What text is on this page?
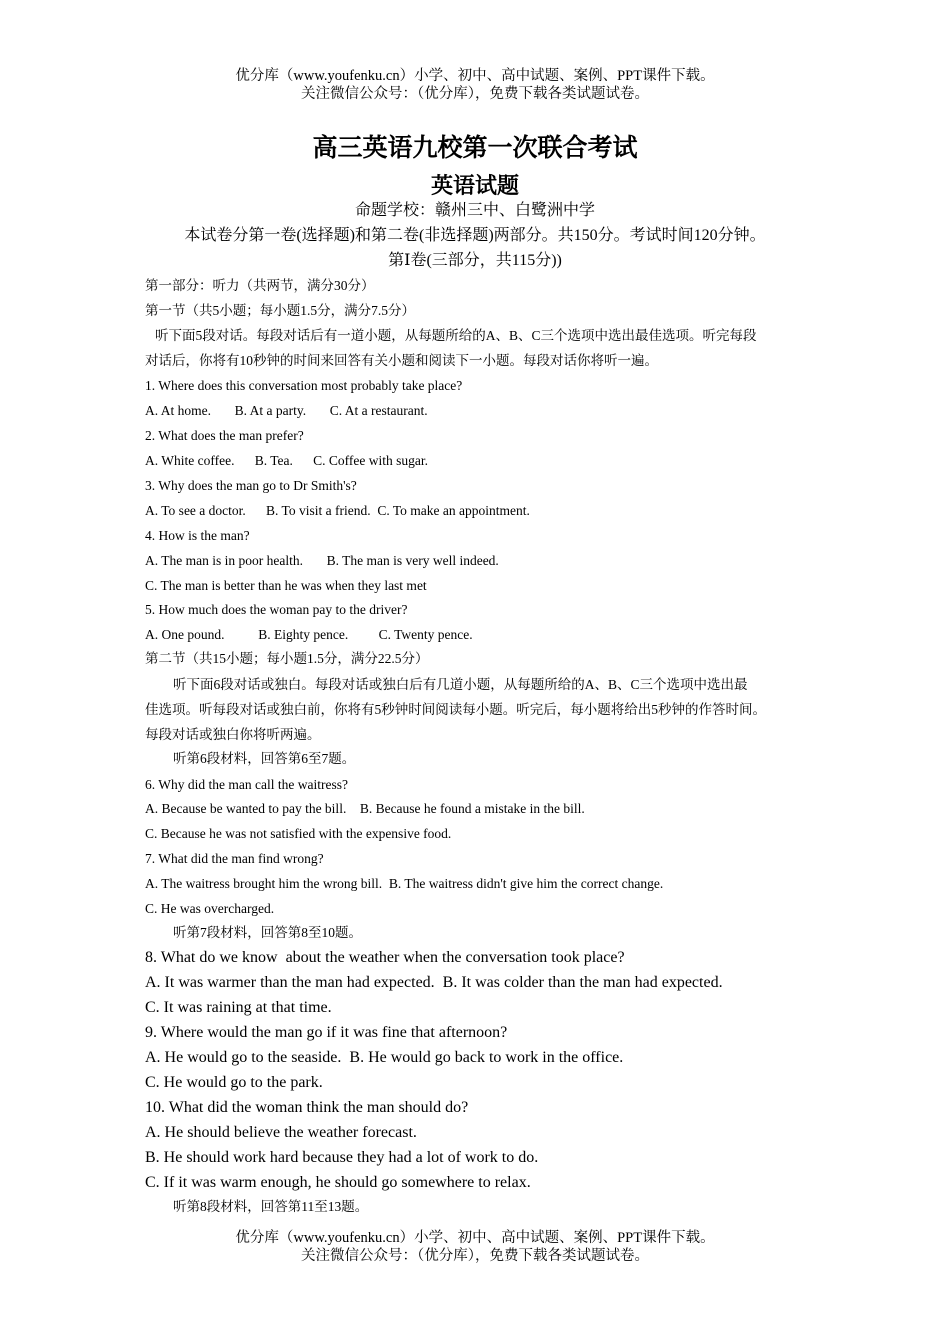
优分库（www.youfenku.cn）小学、初中、高中试题、案例、PPT课件下载。
关注微信公众号：（优分库），免费下载各类试题试卷。
高三英语九校第一次联合考试
英语试题
命题学校：赣州三中、白鹭洲中学
本试卷分第一卷(选择题)和第二卷(非选择题)两部分。共150分。考试时间120分钟。
第Ⅰ卷(三部分，共115分))
第一部分：听力（共两节，满分30分）
第一节（共5小题；每小题1.5分，满分7.5分）
听下面5段对话。每段对话后有一道小题，从每题所给的A、B、C三个选项中选出最佳选项。听完每段
对话后，你将有10秒钟的时间来回答有关小题和阅读下一小题。每段对话你将听一遍。
1. Where does this conversation most probably take place?
A. At home.       B. At a party.       C. At a restaurant.
2. What does the man prefer?
A. White coffee.      B. Tea.      C. Coffee with sugar.
3. Why does the man go to Dr Smith's?
A. To see a doctor.      B. To visit a friend.  C. To make an appointment.
4. How is the man?
A. The man is in poor health.       B. The man is very well indeed.
C. The man is better than he was when they last met
5. How much does the woman pay to the driver?
A. One pound.          B. Eighty pence.         C. Twenty pence.
第二节（共15小题；每小题1.5分，满分22.5分）
听下面6段对话或独白。每段对话或独白后有几道小题，从每题所给的A、B、C三个选项中选出最
佳选项。听每段对话或独白前，你将有5秒钟时间阅读每小题。听完后，每小题将给出5秒钟的作答时间。
每段对话或独白你将听两遍。
听第6段材料，回答第6至7题。
6. Why did the man call the waitress?
A. Because be wanted to pay the bill.    B. Because he found a mistake in the bill.
C. Because he was not satisfied with the expensive food.
7. What did the man find wrong?
A. The waitress brought him the wrong bill.  B. The waitress didn't give him the correct change.
C. He was overcharged.
听第7段材料，回答第8至10题。
8. What do we know  about the weather when the conversation took place?
A. It was warmer than the man had expected.  B. It was colder than the man had expected.
C. It was raining at that time.
9. Where would the man go if it was fine that afternoon?
A. He would go to the seaside.  B. He would go back to work in the office.
C. He would go to the park.
10. What did the woman think the man should do?
A. He should believe the weather forecast.
B. He should work hard because they had a lot of work to do.
C. If it was warm enough, he should go somewhere to relax.
听第8段材料，回答第11至13题。
优分库（www.youfenku.cn）小学、初中、高中试题、案例、PPT课件下载。
关注微信公众号：（优分库），免费下载各类试题试卷。
